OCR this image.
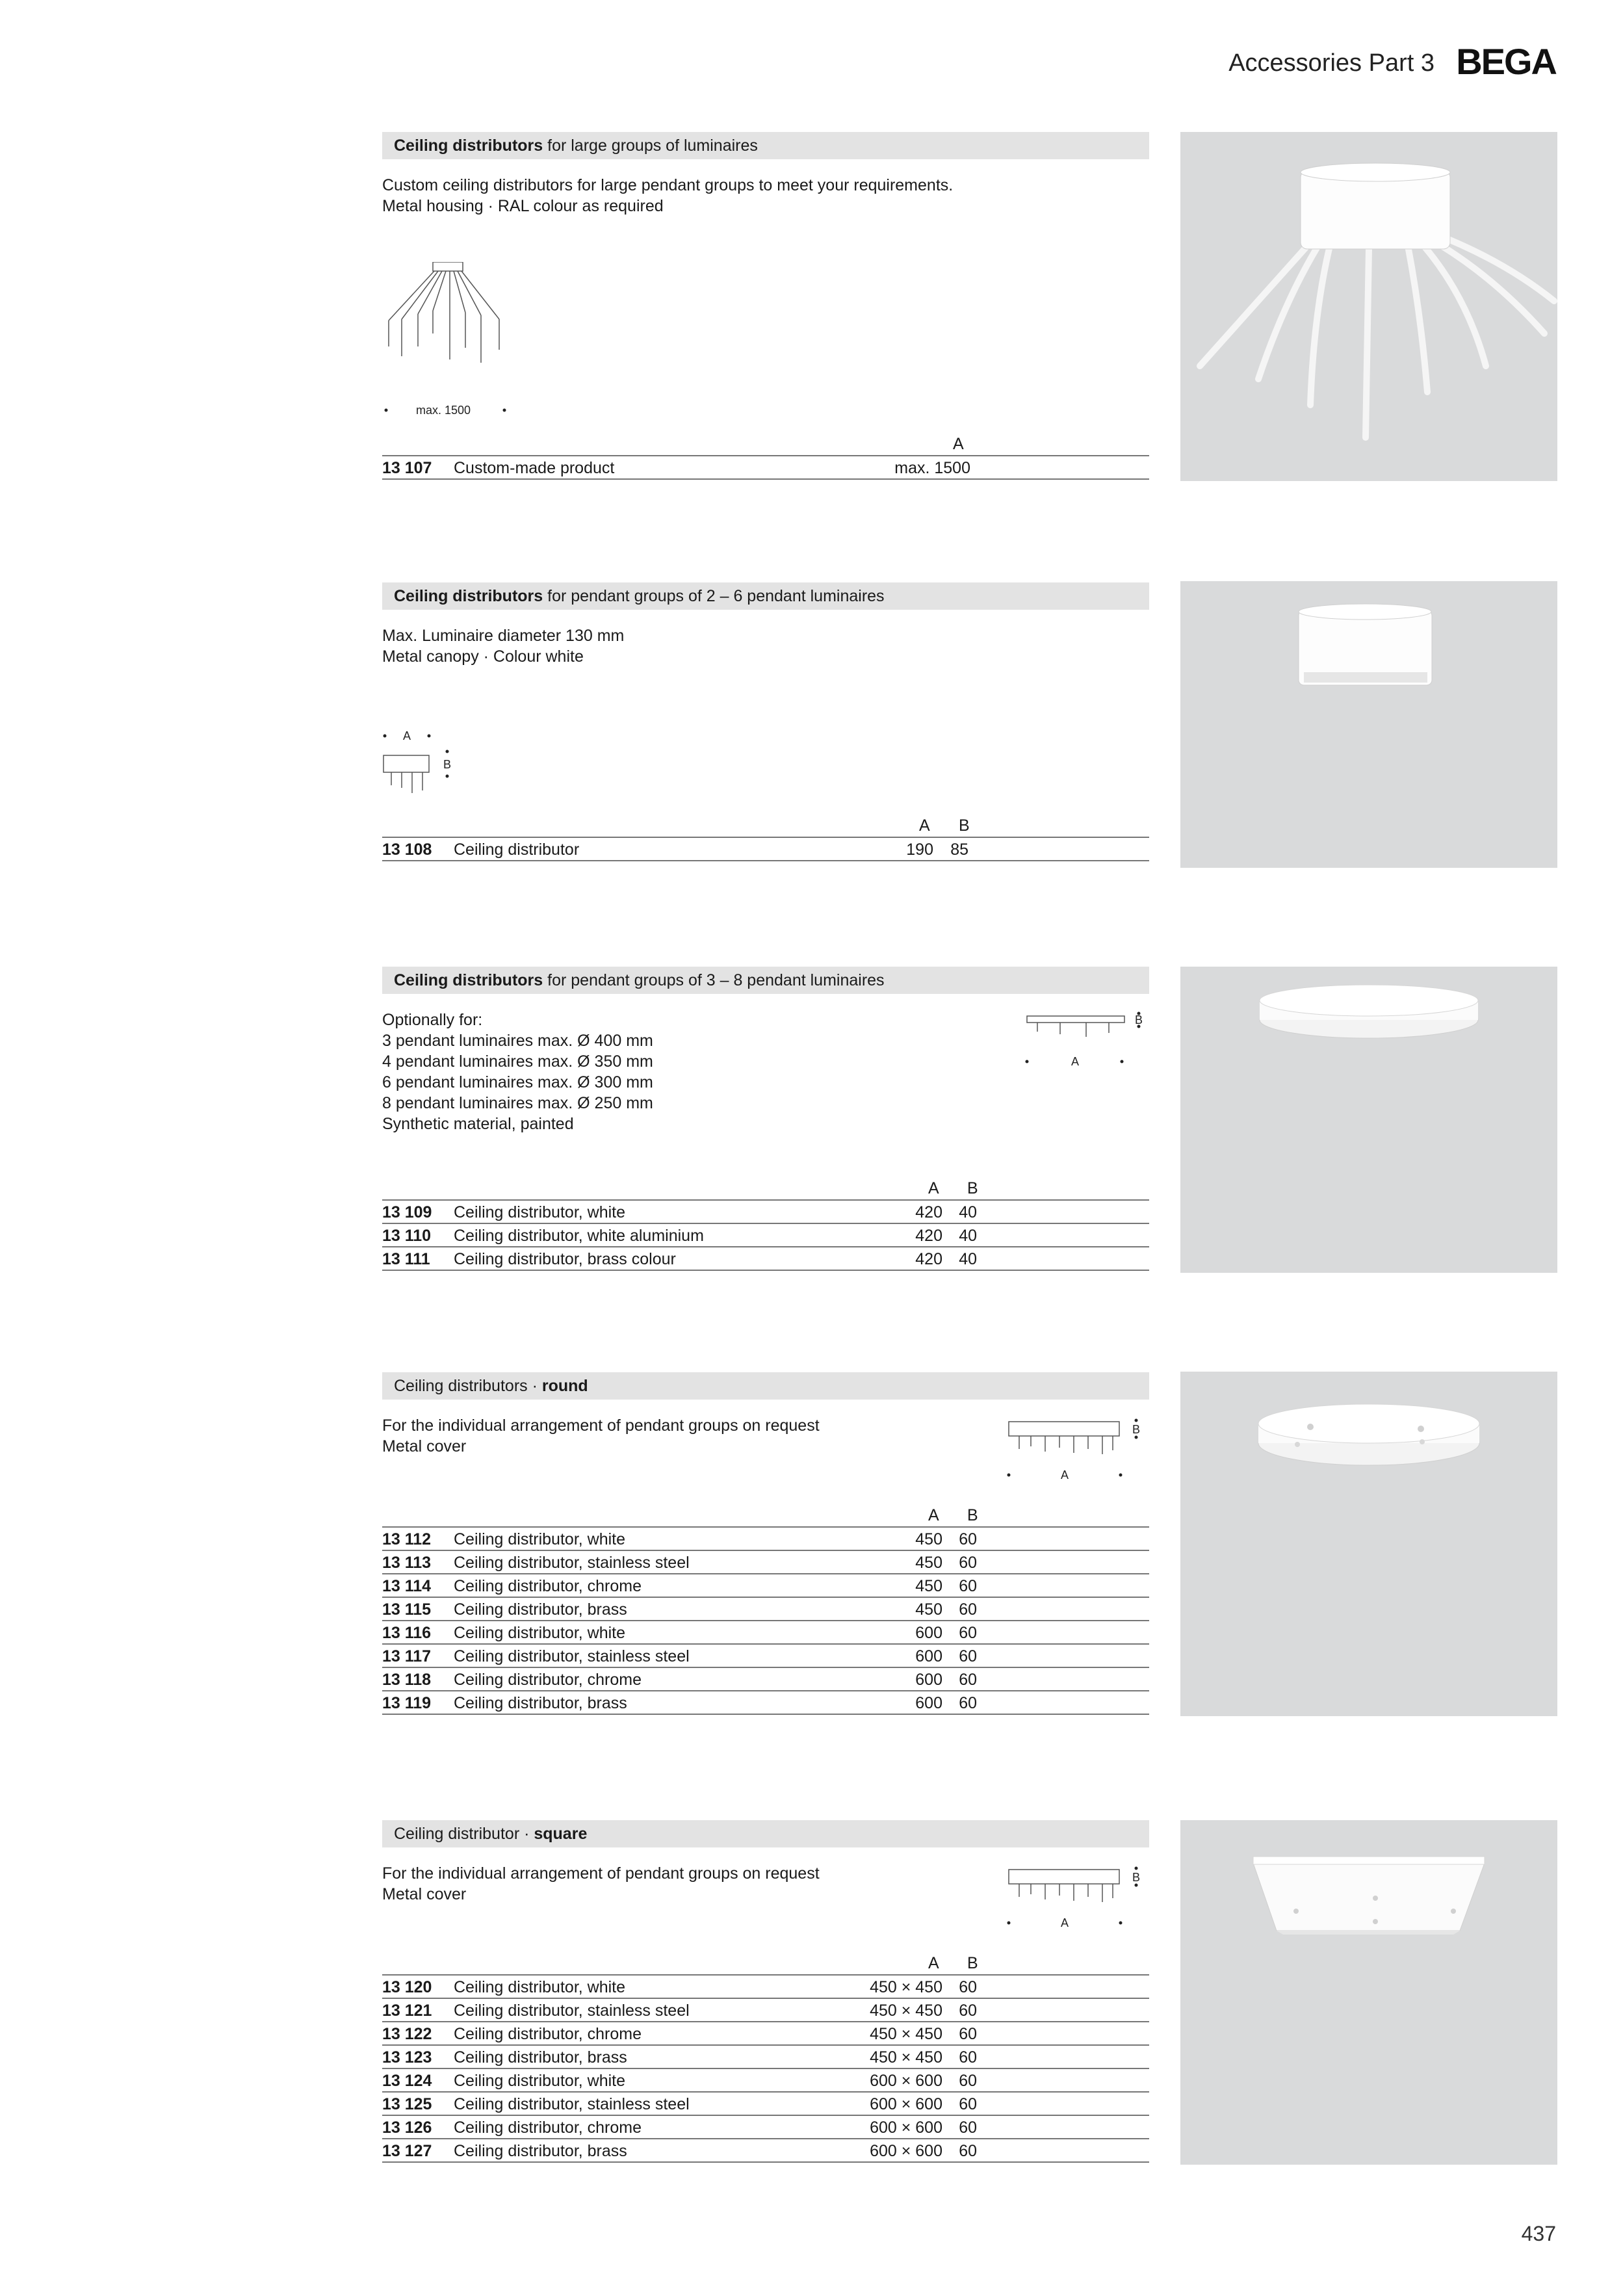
Accessories Part 3 BEGA
Ceiling distributors for large groups of luminaires
Custom ceiling distributors for large pendant groups to meet your requirements.
Metal housing · RAL colour as required
max. 1500
A
13 107 Custom-made product	max. 1500
Ceiling distributors for pendant groups of 2 – 6 pendant luminaires
Max. Luminaire diameter 130 mm
Metal canopy · Colour white
A
B
A B
13 108 Ceiling distributor	190 85
Ceiling distributors for pendant groups of 3 – 8 pendant luminaires
Optionally for:
3 pendant luminaires max. Ø 400 mm
4 pendant luminaires max. Ø 350 mm
6 pendant luminaires max. Ø 300 mm
8 pendant luminaires max. Ø 250 mm
Synthetic material, painted
B
A
A B
13 109 Ceiling distributor, white	420 40
13 110 Ceiling distributor, white aluminium	420 40
13 111 Ceiling distributor, brass colour	420 40
Ceiling distributors · round
For the individual arrangement of pendant groups on request
Metal cover
B
A
A B
13 112 Ceiling distributor, white	450 60
13 113 Ceiling distributor, stainless steel	450 60
13 114 Ceiling distributor, chrome	450 60
13 115 Ceiling distributor, brass	450 60
13 116 Ceiling distributor, white	600 60
13 117 Ceiling distributor, stainless steel	600 60
13 118 Ceiling distributor, chrome	600 60
13 119 Ceiling distributor, brass	600 60
Ceiling distributor · square
For the individual arrangement of pendant groups on request
Metal cover
B
A
A B
13 120 Ceiling distributor, white	450 × 450 60
13 121 Ceiling distributor, stainless steel	450 × 450 60
13 122 Ceiling distributor, chrome	450 × 450 60
13 123 Ceiling distributor, brass	450 × 450 60
13 124 Ceiling distributor, white	600 × 600 60
13 125 Ceiling distributor, stainless steel	600 × 600 60
13 126 Ceiling distributor, chrome	600 × 600 60
13 127 Ceiling distributor, brass	600 × 600 60
437
